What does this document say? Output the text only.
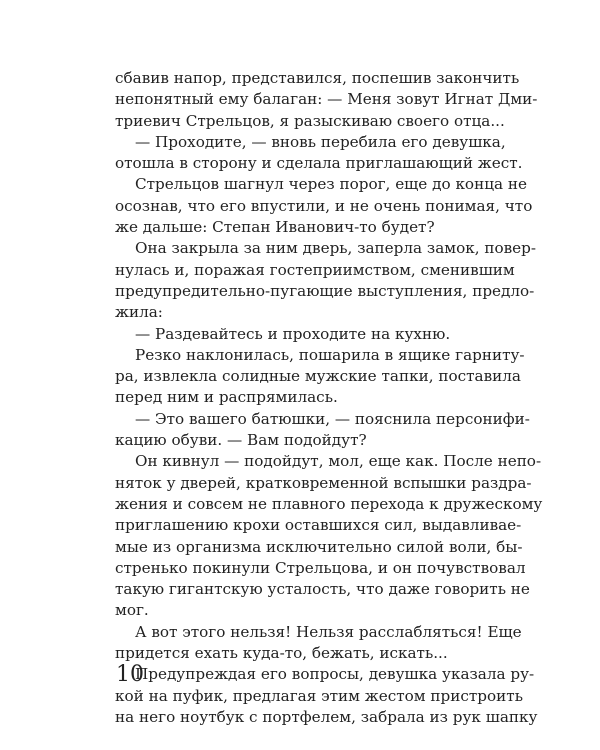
сбавив напор, представился, поспешив закончить
непонятный ему балаган: — Меня зовут Игнат Дми-
триевич Стрельцов, я разыскиваю своего отца...
— Проходите, — вновь перебила его девушка,
отошла в сторону и сделала приглашающий жест.
Стрельцов шагнул через порог, еще до конца не
осознав, что его впустили, и не очень понимая, что
же дальше: Степан Иванович-то будет?
Она закрыла за ним дверь, заперла замок, повер-
нулась и, поражая гостеприимством, сменившим
предупредительно-пугающие выступления, предло-
жила:
— Раздевайтесь и проходите на кухню.
Резко наклонилась, пошарила в ящике гарниту-
ра, извлекла солидные мужские тапки, поставила
перед ним и распрямилась.
— Это вашего батюшки, — пояснила персонифи-
кацию обуви. — Вам подойдут?
Он кивнул — подойдут, мол, еще как. После непо-
няток у дверей, кратковременной вспышки раздра-
жения и совсем не плавного перехода к дружескому
приглашению крохи оставшихся сил, выдавливае-
мые из организма исключительно силой воли, бы-
стренько покинули Стрельцова, и он почувствовал
такую гигантскую усталость, что даже говорить не
мог.
А вот этого нельзя! Нельзя расслабляться! Еще
придется ехать куда-то, бежать, искать...
Предупреждая его вопросы, девушка указала ру-
кой на пуфик, предлагая этим жестом пристроить
на него ноутбук с портфелем, забрала из рук шапку
10
